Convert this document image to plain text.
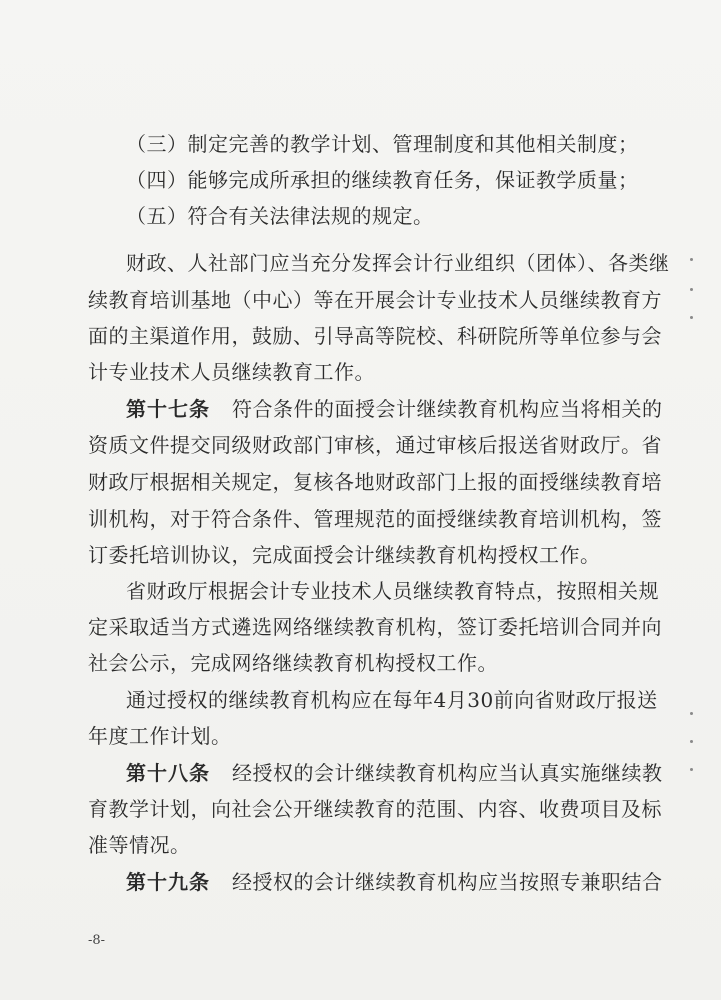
（三）制定完善的教学计划、管理制度和其他相关制度；
（四）能够完成所承担的继续教育任务，保证教学质量；
（五）符合有关法律法规的规定。
财政、人社部门应当充分发挥会计行业组织（团体）、各类继
续教育培训基地（中心）等在开展会计专业技术人员继续教育方
面的主渠道作用，鼓励、引导高等院校、科研院所等单位参与会
计专业技术人员继续教育工作。
第十七条 符合条件的面授会计继续教育机构应当将相关的
资质文件提交同级财政部门审核，通过审核后报送省财政厅。省
财政厅根据相关规定，复核各地财政部门上报的面授继续教育培
训机构，对于符合条件、管理规范的面授继续教育培训机构，签
订委托培训协议，完成面授会计继续教育机构授权工作。
省财政厅根据会计专业技术人员继续教育特点，按照相关规
定采取适当方式遴选网络继续教育机构，签订委托培训合同并向
社会公示，完成网络继续教育机构授权工作。
通过授权的继续教育机构应在每年4月30前向省财政厅报送
年度工作计划。
第十八条 经授权的会计继续教育机构应当认真实施继续教
育教学计划，向社会公开继续教育的范围、内容、收费项目及标
准等情况。
第十九条 经授权的会计继续教育机构应当按照专兼职结合
-8-
